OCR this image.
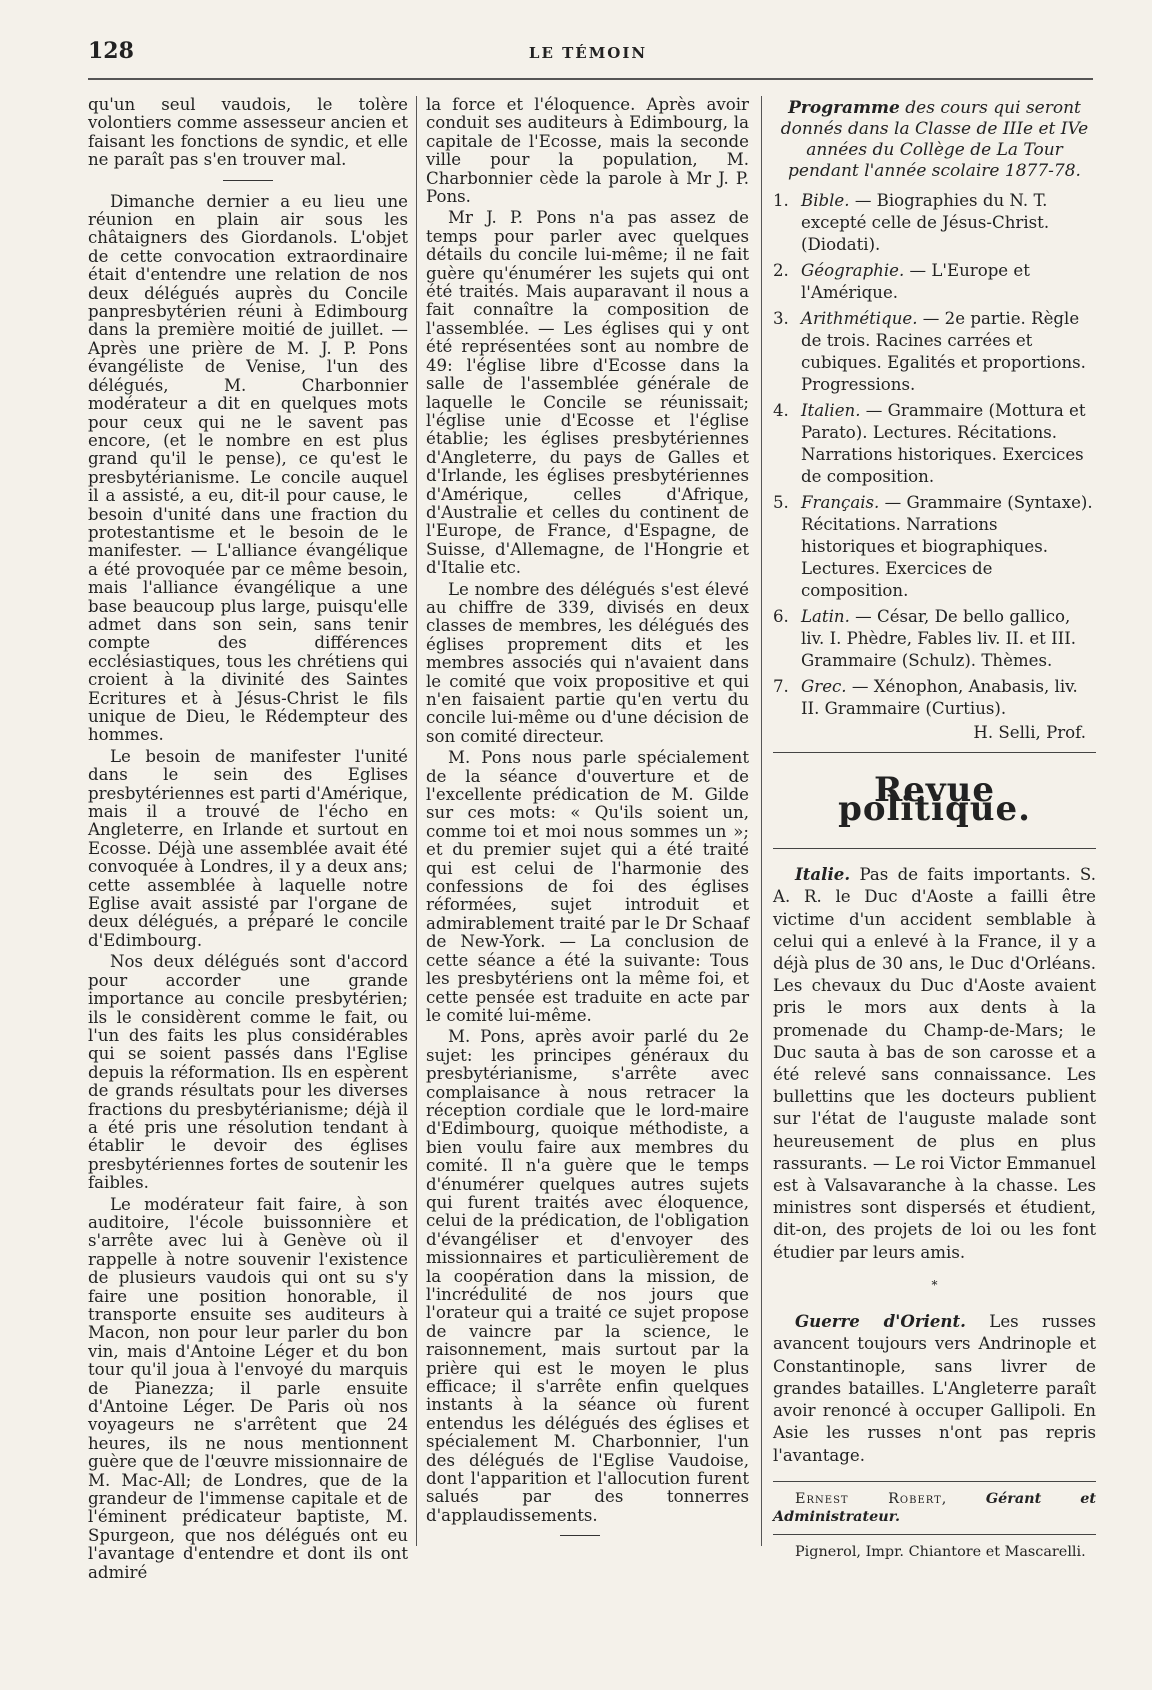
128	LE TÉMOIN

qu'un seul vaudois, le tolère volontiers comme assesseur ancien et faisant les fonctions de syndic, et elle ne paraît pas s'en trouver mal.

Dimanche dernier a eu lieu une réunion en plain air sous les châtaigners des Giordanols. L'objet de cette convocation extraordinaire était d'entendre une relation de nos deux délégués auprès du Concile panpresbytérien réuni à Edimbourg dans la première moitié de juillet. — Après une prière de M. J. P. Pons évangéliste de Venise, l'un des délégués, M. Charbonnier modérateur a dit en quelques mots pour ceux qui ne le savent pas encore, (et le nombre en est plus grand qu'il le pense), ce qu'est le presbytérianisme. Le concile auquel il a assisté, a eu, dit-il pour cause, le besoin d'unité dans une fraction du protestantisme et le besoin de le manifester. — L'alliance évangélique a été provoquée par ce même besoin, mais l'alliance évangélique a une base beaucoup plus large, puisqu'elle admet dans son sein, sans tenir compte des différences ecclésiastiques, tous les chrétiens qui croient à la divinité des Saintes Ecritures et à Jésus-Christ le fils unique de Dieu, le Rédempteur des hommes.

Le besoin de manifester l'unité dans le sein des Eglises presbytériennes est parti d'Amérique, mais il a trouvé de l'écho en Angleterre, en Irlande et surtout en Ecosse. Déjà une assemblée avait été convoquée à Londres, il y a deux ans; cette assemblée à laquelle notre Eglise avait assisté par l'organe de deux délégués, a préparé le concile d'Edimbourg.

Nos deux délégués sont d'accord pour accorder une grande importance au concile presbytérien; ils le considèrent comme le fait, ou l'un des faits les plus considérables qui se soient passés dans l'Eglise depuis la réformation. Ils en espèrent de grands résultats pour les diverses fractions du presbytérianisme; déjà il a été pris une résolution tendant à établir le devoir des églises presbytériennes fortes de soutenir les faibles.

Le modérateur fait faire, à son auditoire, l'école buissonnière et s'arrête avec lui à Genève où il rappelle à notre souvenir l'existence de plusieurs vaudois qui ont su s'y faire une position honorable, il transporte ensuite ses auditeurs à Macon, non pour leur parler du bon vin, mais d'Antoine Léger et du bon tour qu'il joua à l'envoyé du marquis de Pianezza; il parle ensuite d'Antoine Léger. De Paris où nos voyageurs ne s'arrêtent que 24 heures, ils ne nous mentionnent guère que de l'œuvre missionnaire de M. Mac-All; de Londres, que de la grandeur de l'immense capitale et de l'éminent prédicateur baptiste, M. Spurgeon, que nos délégués ont eu l'avantage d'entendre et dont ils ont admiré

la force et l'éloquence. Après avoir conduit ses auditeurs à Edimbourg, la capitale de l'Ecosse, mais la seconde ville pour la population, M. Charbonnier cède la parole à Mr J. P. Pons.

Mr J. P. Pons n'a pas assez de temps pour parler avec quelques détails du concile lui-même; il ne fait guère qu'énumérer les sujets qui ont été traités. Mais auparavant il nous a fait connaître la composition de l'assemblée. — Les églises qui y ont été représentées sont au nombre de 49: l'église libre d'Ecosse dans la salle de l'assemblée générale de laquelle le Concile se réunissait; l'église unie d'Ecosse et l'église établie; les églises presbytériennes d'Angleterre, du pays de Galles et d'Irlande, les églises presbytériennes d'Amérique, celles d'Afrique, d'Australie et celles du continent de l'Europe, de France, d'Espagne, de Suisse, d'Allemagne, de l'Hongrie et d'Italie etc.

Le nombre des délégués s'est élevé au chiffre de 339, divisés en deux classes de membres, les délégués des églises proprement dits et les membres associés qui n'avaient dans le comité que voix propositive et qui n'en faisaient partie qu'en vertu du concile lui-même ou d'une décision de son comité directeur.

M. Pons nous parle spécialement de la séance d'ouverture et de l'excellente prédication de M. Gilde sur ces mots: « Qu'ils soient un, comme toi et moi nous sommes un »; et du premier sujet qui a été traité qui est celui de l'harmonie des confessions de foi des églises réformées, sujet introduit et admirablement traité par le Dr Schaaf de New-York. — La conclusion de cette séance a été la suivante: Tous les presbytériens ont la même foi, et cette pensée est traduite en acte par le comité lui-même.

M. Pons, après avoir parlé du 2e sujet: les principes généraux du presbytérianisme, s'arrête avec complaisance à nous retracer la réception cordiale que le lord-maire d'Edimbourg, quoique méthodiste, a bien voulu faire aux membres du comité. Il n'a guère que le temps d'énumérer quelques autres sujets qui furent traités avec éloquence, celui de la prédication, de l'obligation d'évangéliser et d'envoyer des missionnaires et particulièrement de la coopération dans la mission, de l'incrédulité de nos jours que l'orateur qui a traité ce sujet propose de vaincre par la science, le raisonnement, mais surtout par la prière qui est le moyen le plus efficace; il s'arrête enfin quelques instants à la séance où furent entendus les délégués des églises et spécialement M. Charbonnier, l'un des délégués de l'Eglise Vaudoise, dont l'apparition et l'allocution furent salués par des tonnerres d'applaudissements.

Programme des cours qui seront donnés dans la Classe de IIIe et IVe années du Collège de La Tour pendant l'année scolaire 1877-78.
1. Bible. — Biographies du N. T. excepté celle de Jésus-Christ. (Diodati).
2. Géographie. — L'Europe et l'Amérique.
3. Arithmétique. — 2e partie. Règle de trois. Racines carrées et cubiques. Egalités et proportions. Progressions.
4. Italien. — Grammaire (Mottura et Parato). Lectures. Récitations. Narrations historiques. Exercices de composition.
5. Français. — Grammaire (Syntaxe). Récitations. Narrations historiques et biographiques. Lectures. Exercices de composition.
6. Latin. — César, De bello gallico, liv. I. Phèdre, Fables liv. II. et III. Grammaire (Schulz). Thèmes.
7. Grec. — Xénophon, Anabasis, liv. II. Grammaire (Curtius).
H. Selli, Prof.
Revue politique.

Italie. Pas de faits importants. S. A. R. le Duc d'Aoste a failli être victime d'un accident semblable à celui qui a enlevé à la France, il y a déjà plus de 30 ans, le Duc d'Orléans. Les chevaux du Duc d'Aoste avaient pris le mors aux dents à la promenade du Champ-de-Mars; le Duc sauta à bas de son carosse et a été relevé sans connaissance. Les bullettins que les docteurs publient sur l'état de l'auguste malade sont heureusement de plus en plus rassurants. — Le roi Victor Emmanuel est à Valsavaranche à la chasse. Les ministres sont dispersés et étudient, dit-on, des projets de loi ou les font étudier par leurs amis.

*

Guerre d'Orient. Les russes avancent toujours vers Andrinople et Constantinople, sans livrer de grandes batailles. L'Angleterre paraît avoir renoncé à occuper Gallipoli. En Asie les russes n'ont pas repris l'avantage.

Ernest Robert,	Gérant et Administrateur.

Pignerol, Impr. Chiantore et Mascarelli.
